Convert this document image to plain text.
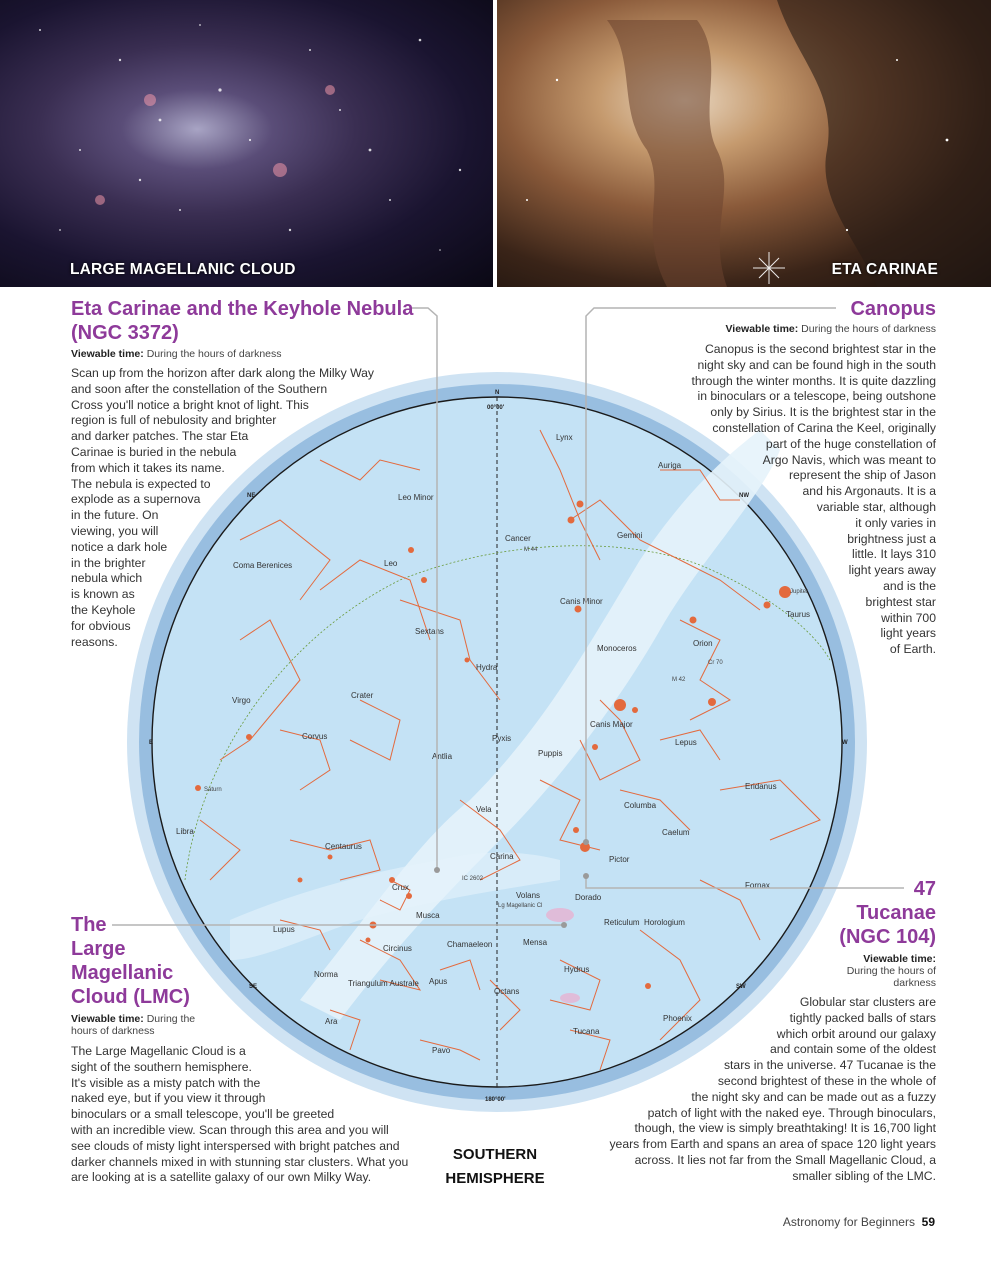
LARGE MAGELLANIC CLOUD	ETA CARINAE
Lynx
Auriga
Leo Minor
Cancer	Gemini
Coma Berenices	Leo
Canis Minor
Taurus
Sextans
Orion
Monoceros
Hydra
Virgo
Crater
Canis Major
Corvus	Pyxis
Antlia	Puppis
Lepus
Eridanus
Columba
Libra
Vela
Centaurus
Caelum
Carina	Pictor
Crux
Volans	Dorado
Fornax
Musca
Lupus
Reticulum Horologium
Circinus	Chamaeleon	Mensa
Norma
Triangulum Australe Apus
Octans
Hydrus
Ara	Phoenix
Tucana
Pavo
M 44
Jupiter
M 42
Cr 70
Saturn
IC 2602
Lg Magellanic Cl
N
00°00'
180°00'
NE	NW
E	W
SE	SW
Eta Carinae and the Keyhole Nebula
(NGC 3372)
Viewable time: During the hours of darkness
Scan up from the horizon after dark along the Milky Way
and soon after the constellation of the Southern
Cross you'll notice a bright knot of light. This
region is full of nebulosity and brighter
and darker patches. The star Eta
Carinae is buried in the nebula
from which it takes its name.
The nebula is expected to
explode as a supernova
in the future. On
viewing, you will
notice a dark hole
in the brighter
nebula which
is known as
the Keyhole
for obvious
reasons.
Canopus
Viewable time: During the hours of darkness
Canopus is the second brightest star in the
night sky and can be found high in the south
through the winter months. It is quite dazzling
in binoculars or a telescope, being outshone
only by Sirius. It is the brightest star in the
constellation of Carina the Keel, originally
part of the huge constellation of
Argo Navis, which was meant to
represent the ship of Jason
and his Argonauts. It is a
variable star, although
it only varies in
brightness just a
little. It lays 310
light years away
and is the
brightest star
within 700
light years
of Earth.
The
Large
Magellanic
Cloud (LMC)
Viewable time: During the
hours of darkness
The Large Magellanic Cloud is a
sight of the southern hemisphere.
It's visible as a misty patch with the
naked eye, but if you view it through
binoculars or a small telescope, you'll be greeted
with an incredible view. Scan through this area and you will
see clouds of misty light interspersed with bright patches and
darker channels mixed in with stunning star clusters. What you
are looking at is a satellite galaxy of our own Milky Way.
47
Tucanae
(NGC 104)
Viewable time:
During the hours of
darkness
Globular star clusters are
tightly packed balls of stars
which orbit around our galaxy
and contain some of the oldest
stars in the universe. 47 Tucanae is the
second brightest of these in the whole of
the night sky and can be made out as a fuzzy
patch of light with the naked eye. Through binoculars,
though, the view is simply breathtaking! It is 16,700 light
years from Earth and spans an area of space 120 light years
across. It lies not far from the Small Magellanic Cloud, a
smaller sibling of the LMC.
SOUTHERN
HEMISPHERE
Astronomy for Beginners 59
